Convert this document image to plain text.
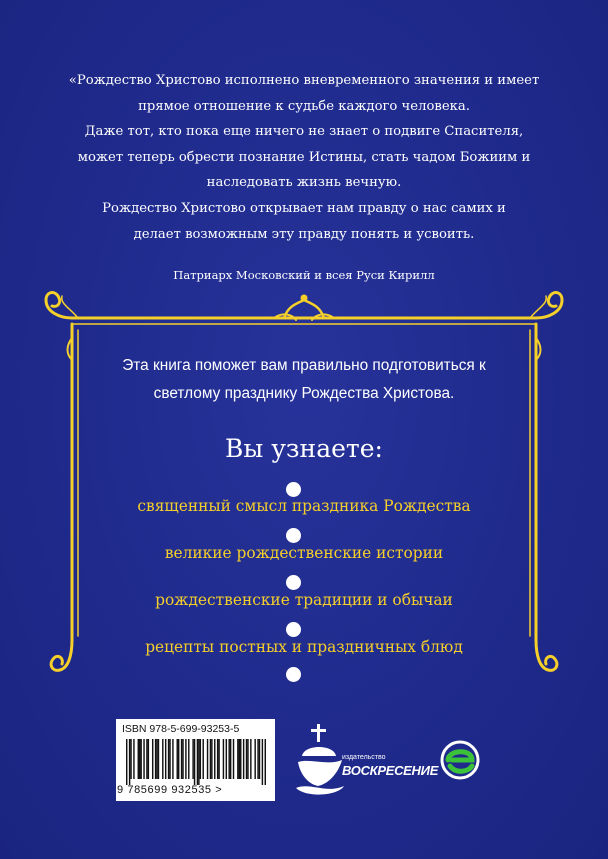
«Рождество Христово исполнено вневременного значения и имеет

прямое отношение к судьбе каждого человека.

Даже тот, кто пока еще ничего не знает о подвиге Спасителя,

может теперь обрести познание Истины, стать чадом Божиим и

наследовать жизнь вечную.

Рождество Христово открывает нам правду о нас самих и

делает возможным эту правду понять и усвоить.

Патриарх Московский и всея Руси Кирилл

Эта книга поможет вам правильно подготовиться к

светлому празднику Рождества Христова.

Вы узнаете:
священный смысл праздника Рождества
великие рождественские истории
рождественские традиции и обычаи
рецепты постных и праздничных блюд
ISBN 978-5-699-93253-5
9 785699 932535 >
издательство
ВОСКРЕСЕНИЕ
